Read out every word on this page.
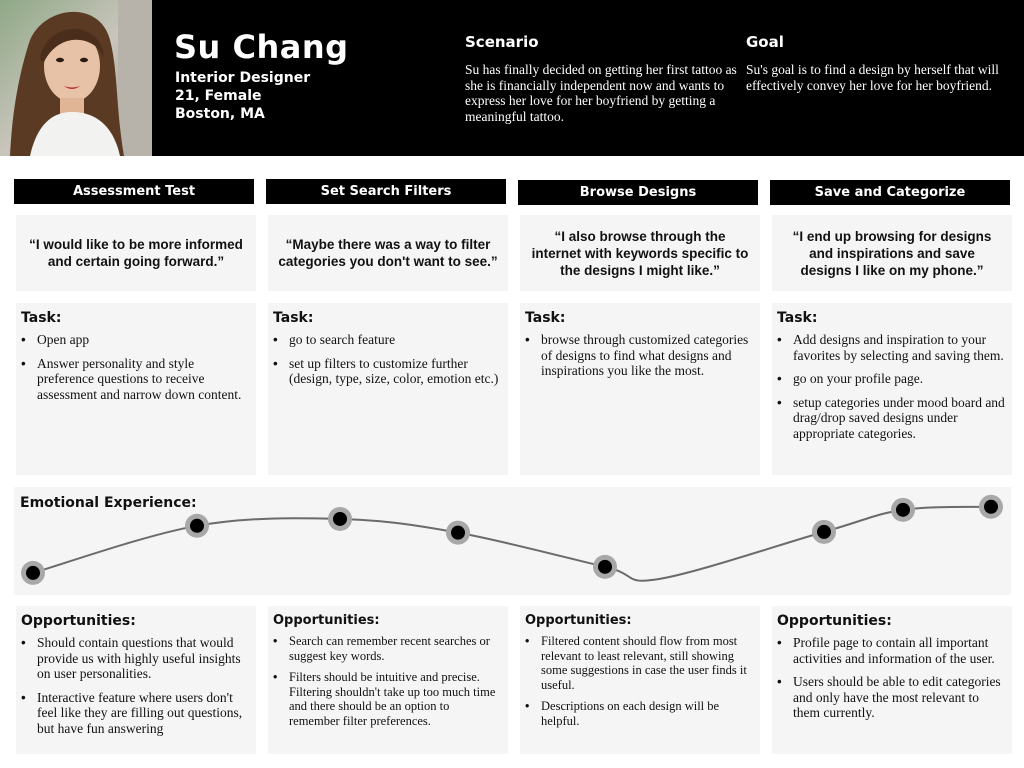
Su Chang
Interior Designer
21, Female
Boston, MA
Scenario
Su has finally decided on getting her first tattoo as she is financially independent now and wants to express her love for her boyfriend by getting a meaningful tattoo.
Goal
Su's goal is to find a design by herself that will effectively convey her love for her boyfriend.
Assessment Test	Set Search Filters	Browse Designs	Save and Categorize
“I would like to be more informed and certain going forward.”
“Maybe there was a way to filter categories you don't want to see.”
“I also browse through the internet with keywords specific to the designs I might like.”
“I end up browsing for designs and inspirations and save designs I like on my phone.”
Task:
• Open app
• Answer personality and style preference questions to receive assessment and narrow down content.
Task:
• go to search feature
• set up filters to customize further (design, type, size, color, emotion etc.)
Task:
• browse through customized categories of designs to find what designs and inspirations you like the most.
Task:
• Add designs and inspiration to your favorites by selecting and saving them.
• go on your profile page.
• setup categories under mood board and drag/drop saved designs under appropriate categories.
Emotional Experience:
Opportunities:
• Should contain questions that would provide us with highly useful insights on user personalities.
• Interactive feature where users don't feel like they are filling out questions, but have fun answering
Opportunities:
• Search can remember recent searches or suggest key words.
• Filters should be intuitive and precise. Filtering shouldn't take up too much time and there should be an option to remember filter preferences.
Opportunities:
• Filtered content should flow from most relevant to least relevant, still showing some suggestions in case the user finds it useful.
• Descriptions on each design will be helpful.
Opportunities:
• Profile page to contain all important activities and information of the user.
• Users should be able to edit categories and only have the most relevant to them currently.
